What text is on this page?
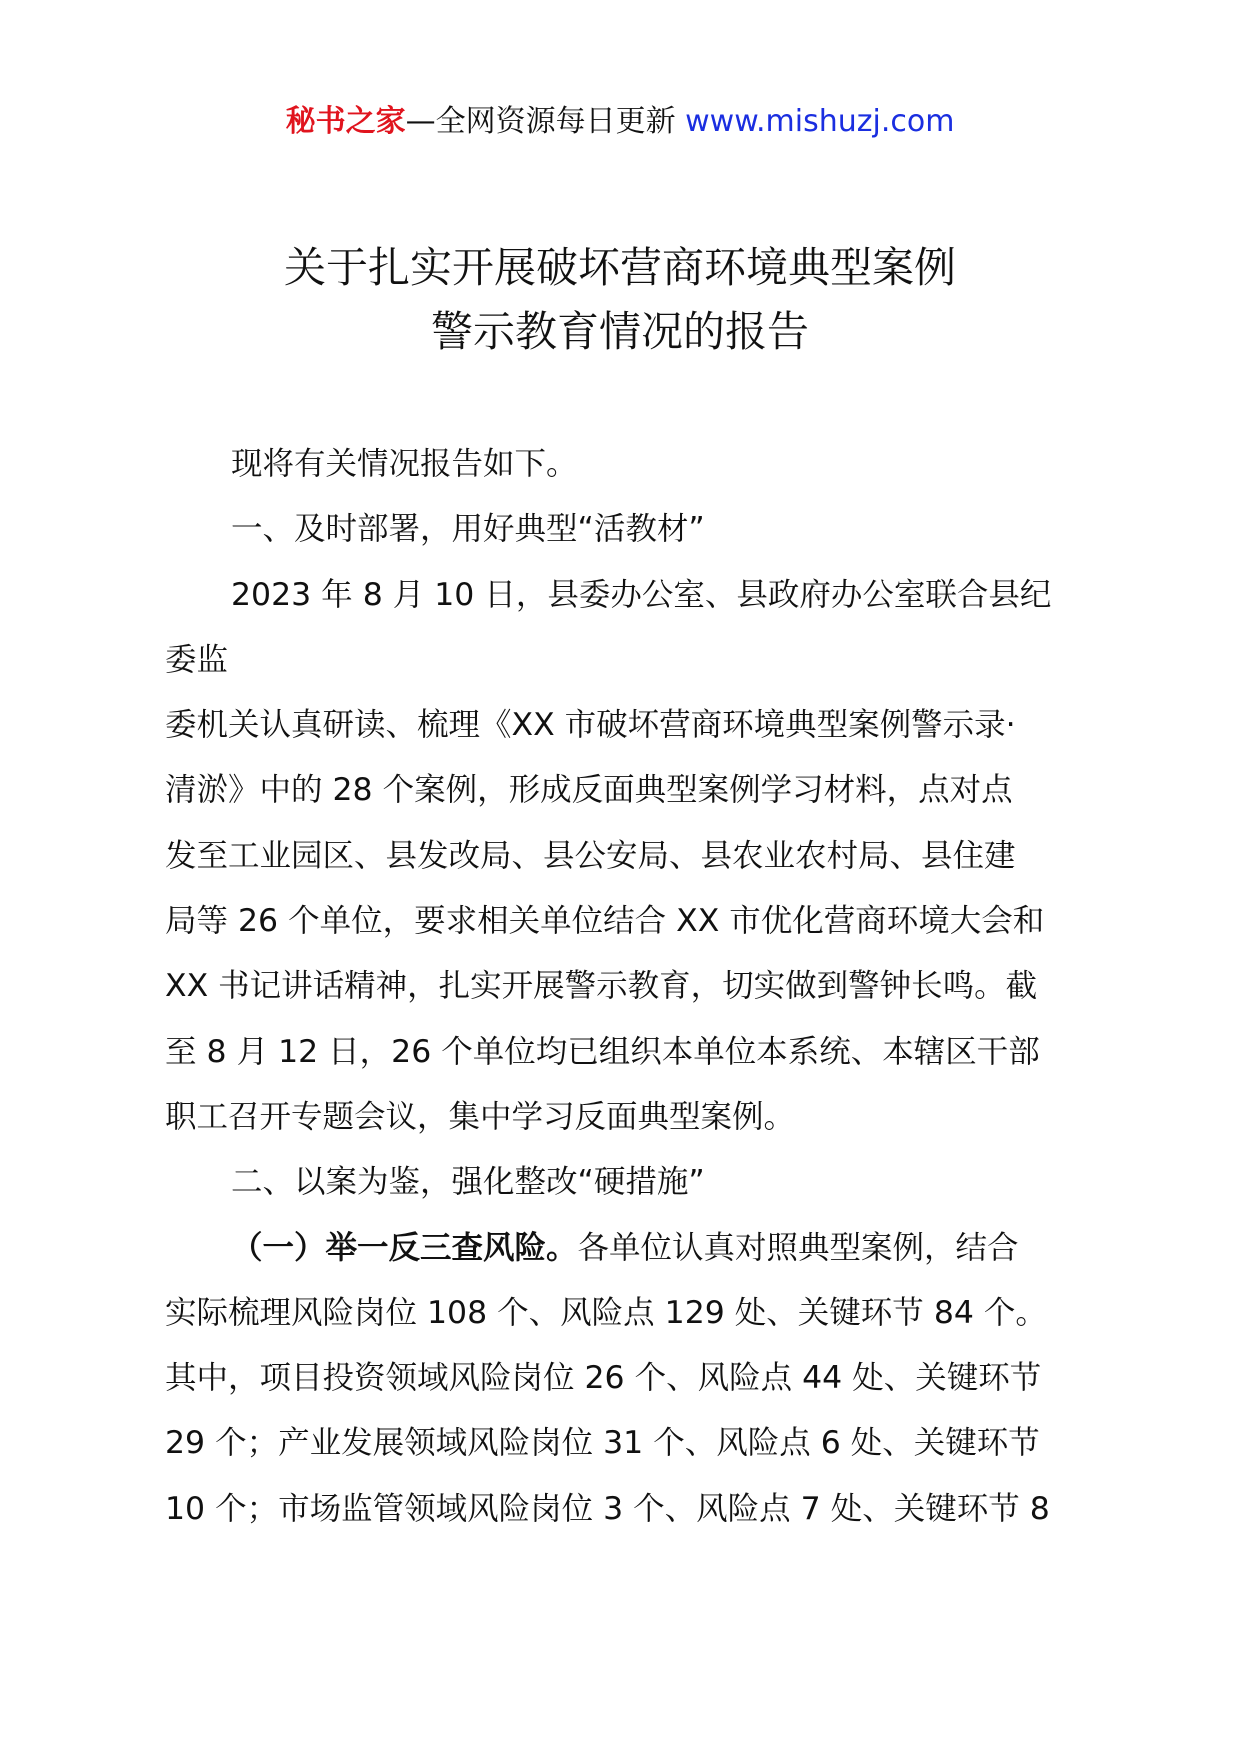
秘书之家—全网资源每日更新 www.mishuzj.com
关于扎实开展破坏营商环境典型案例
警示教育情况的报告

现将有关情况报告如下。

一、及时部署，用好典型“活教材”

2023 年 8 月 10 日，县委办公室、县政府办公室联合县纪

委监

委机关认真研读、梳理《XX 市破坏营商环境典型案例警示录·

清淤》中的 28 个案例，形成反面典型案例学习材料，点对点

发至工业园区、县发改局、县公安局、县农业农村局、县住建

局等 26 个单位，要求相关单位结合 XX 市优化营商环境大会和

XX 书记讲话精神，扎实开展警示教育，切实做到警钟长鸣。截

至 8 月 12 日，26 个单位均已组织本单位本系统、本辖区干部

职工召开专题会议，集中学习反面典型案例。

二、以案为鉴，强化整改“硬措施”

（一）举一反三查风险。各单位认真对照典型案例，结合

实际梳理风险岗位 108 个、风险点 129 处、关键环节 84 个。

其中，项目投资领域风险岗位 26 个、风险点 44 处、关键环节

29 个；产业发展领域风险岗位 31 个、风险点 6 处、关键环节

10 个；市场监管领域风险岗位 3 个、风险点 7 处、关键环节 8
